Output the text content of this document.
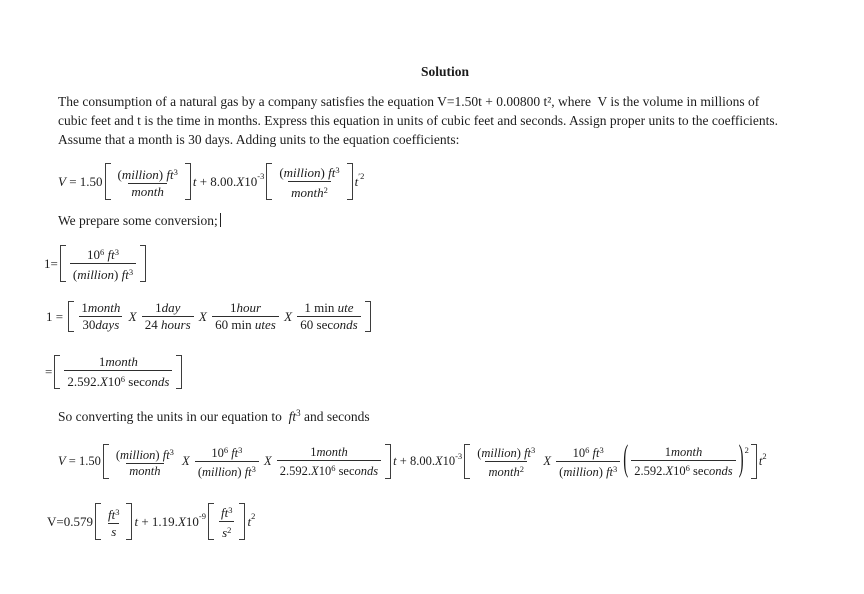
Solution
The consumption of a natural gas by a company satisfies the equation V=1.50t + 0.00800 t², where  V is the volume in millions of
cubic feet and t is the time in months. Express this equation in units of cubic feet and seconds. Assign proper units to the coefficients.
Assume that a month is 30 days. Adding units to the equation coefficients:
$V = 1.50 \frac{(million) ft^3}{\text{month}}$ t + 8.00. X 10 $-3 \frac{(million) ft^3}{month^2}$ t ′2
We prepare some conversion;
$1= \frac{10^6 ft^3}{(million) ft^3}$
$1 = \frac{\text{1month}}{\text{30days}}$ X $\frac{\text{1day}}{\text{24 hours}}$ X $\frac{\text{1hour}}{\text{60 min utes}}$ X $\frac{\text{1 min ute}}{\text{60 seconds}}$
= $\frac{\text{1month}}{2.592.X10^6 seconds}$
So converting the units in our equation to  $ft^3$ and seconds
$V = 1.50 \frac{(million) ft^3}{\text{month}}$ X $\frac{10^6 ft^3}{(million) ft^3}$ X $\frac{\text{1month}}{2.592.X10^6 seconds}$ t + 8.00. X 10 $-3 \frac{(million) ft^3}{month^2}$ X $\frac{10^6 ft^3}{(million) ft^3}$ ( $\frac{\text{1month}}{2.592.X10^6 seconds}$ ) 2
t 2
$V=0.579 \frac{ft^3}{s}$ t + 1.19. X 10 $-9 \frac{ft^3}{s^2}$ t 2
